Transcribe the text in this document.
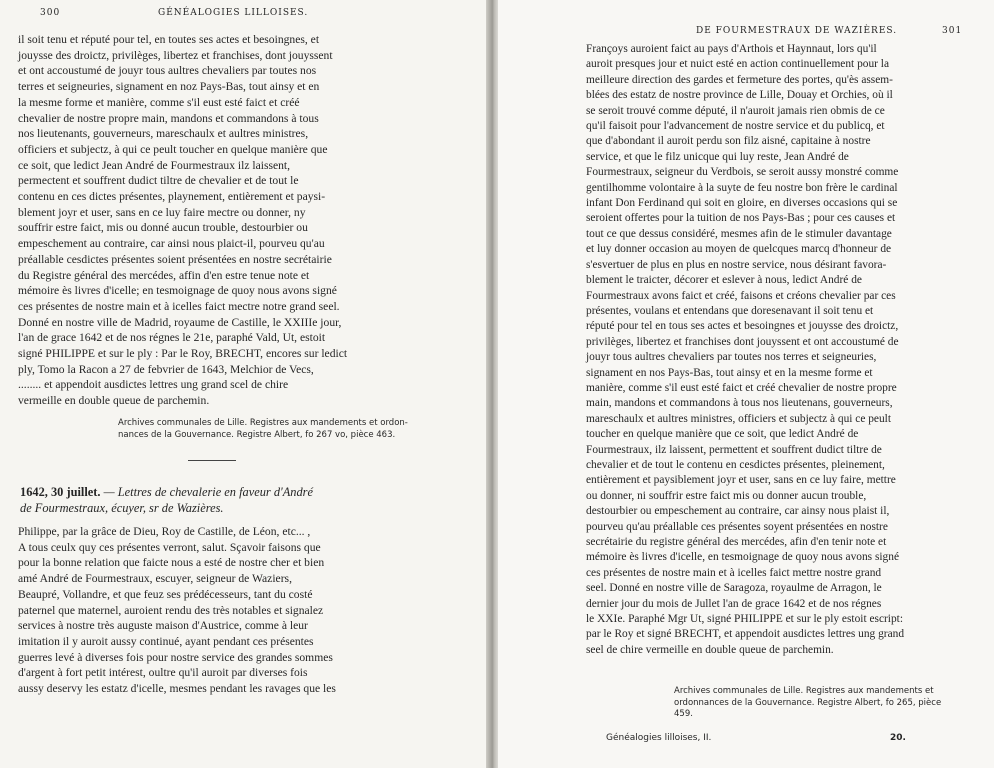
300	GÉNÉALOGIES LILLOISES.

il soit tenu et réputé pour tel, en toutes ses actes et besoingnes, et
jouysse des droictz, privilèges, libertez et franchises, dont jouyssent
et ont accoustumé de jouyr tous aultres chevaliers par toutes nos
terres et seigneuries, signament en noz Pays-Bas, tout ainsy et en
la mesme forme et manière, comme s'il eust esté faict et créé
chevalier de nostre propre main, mandons et commandons à tous
nos lieutenants, gouverneurs, mareschaulx et aultres ministres,
officiers et subjectz, à qui ce peult toucher en quelque manière que
ce soit, que ledict Jean André de Fourmestraux ilz laissent,
permectent et souffrent dudict tiltre de chevalier et de tout le
contenu en ces dictes présentes, playnement, entièrement et paysi-
blement joyr et user, sans en ce luy faire mectre ou donner, ny
souffrir estre faict, mis ou donné aucun trouble, destourbier ou
empeschement au contraire, car ainsi nous plaict-il, pourveu qu'au
préallable cesdictes présentes soient présentées en nostre secrétairie
du Registre général des mercédes, affin d'en estre tenue note et
mémoire ès livres d'icelle; en tesmoignage de quoy nous avons signé
ces présentes de nostre main et à icelles faict mectre notre grand seel.
Donné en nostre ville de Madrid, royaume de Castille, le XXIIIe jour,
l'an de grace 1642 et de nos régnes le 21e, paraphé Vald, Ut, estoit
signé PHILIPPE et sur le ply : Par le Roy, BRECHT, encores sur ledict
ply, Tomo la Racon a 27 de febvrier de 1643, Melchior de Vecs,
........ et appendoit ausdictes lettres ung grand scel de chire
vermeille en double queue de parchemin.

Archives communales de Lille. Registres aux mandements et ordon-
nances de la Gouvernance. Registre Albert, fo 267 vo, pièce 463.

1642, 30 juillet. — Lettres de chevalerie en faveur d'André
de Fourmestraux, écuyer, sr de Wazières.

Philippe, par la grâce de Dieu, Roy de Castille, de Léon, etc... ,
A tous ceulx quy ces présentes verront, salut. Sçavoir faisons que
pour la bonne relation que faicte nous a esté de nostre cher et bien
amé André de Fourmestraux, escuyer, seigneur de Waziers,
Beaupré, Vollandre, et que feuz ses prédécesseurs, tant du costé
paternel que maternel, auroient rendu des très notables et signalez
services à nostre très auguste maison d'Austrice, comme à leur
imitation il y auroit aussy continué, ayant pendant ces présentes
guerres levé à diverses fois pour nostre service des grandes sommes
d'argent à fort petit intérest, oultre qu'il auroit par diverses fois
aussy deservy les estatz d'icelle, mesmes pendant les ravages que les

DE FOURMESTRAUX DE WAZIÈRES.	301

Françoys auroient faict au pays d'Arthois et Haynnaut, lors qu'il
auroit presques jour et nuict esté en action continuellement pour la
meilleure direction des gardes et fermeture des portes, qu'ès assem-
blées des estatz de nostre province de Lille, Douay et Orchies, où il
se seroit trouvé comme député, il n'auroit jamais rien obmis de ce
qu'il faisoit pour l'advancement de nostre service et du publicq, et
que d'abondant il auroit perdu son filz aisné, capitaine à nostre
service, et que le filz unicque qui luy reste, Jean André de
Fourmestraux, seigneur du Verdbois, se seroit aussy monstré comme
gentilhomme volontaire à la suyte de feu nostre bon frère le cardinal
infant Don Ferdinand qui soit en gloire, en diverses occasions qui se
seroient offertes pour la tuition de nos Pays-Bas ; pour ces causes et
tout ce que dessus considéré, mesmes afin de le stimuler davantage
et luy donner occasion au moyen de quelcques marcq d'honneur de
s'esvertuer de plus en plus en nostre service, nous désirant favora-
blement le traicter, décorer et eslever à nous, ledict André de
Fourmestraux avons faict et créé, faisons et créons chevalier par ces
présentes, voulans et entendans que doresenavant il soit tenu et
réputé pour tel en tous ses actes et besoingnes et jouysse des droictz,
privilèges, libertez et franchises dont jouyssent et ont accoustumé de
jouyr tous aultres chevaliers par toutes nos terres et seigneuries,
signament en nos Pays-Bas, tout ainsy et en la mesme forme et
manière, comme s'il eust esté faict et créé chevalier de nostre propre
main, mandons et commandons à tous nos lieutenans, gouverneurs,
mareschaulx et aultres ministres, officiers et subjectz à qui ce peult
toucher en quelque manière que ce soit, que ledict André de
Fourmestraux, ilz laissent, permettent et souffrent dudict tiltre de
chevalier et de tout le contenu en cesdictes présentes, pleinement,
entièrement et paysiblement joyr et user, sans en ce luy faire, mettre
ou donner, ni souffrir estre faict mis ou donner aucun trouble,
destourbier ou empeschement au contraire, car ainsy nous plaist il,
pourveu qu'au préallable ces présentes soyent présentées en nostre
secrétairie du registre général des mercédes, afin d'en tenir note et
mémoire ès livres d'icelle, en tesmoignage de quoy nous avons signé
ces présentes de nostre main et à icelles faict mettre nostre grand
seel. Donné en nostre ville de Saragoza, royaulme de Arragon, le
dernier jour du mois de Jullet l'an de grace 1642 et de nos régnes
le XXIe. Paraphé Mgr Ut, signé PHILIPPE et sur le ply estoit escript:
par le Roy et signé BRECHT, et appendoit ausdictes lettres ung grand
seel de chire vermeille en double queue de parchemin.

Archives communales de Lille. Registres aux mandements et
ordonnances de la Gouvernance. Registre Albert, fo 265, pièce
459.

Généalogies lilloises, II.	20.
